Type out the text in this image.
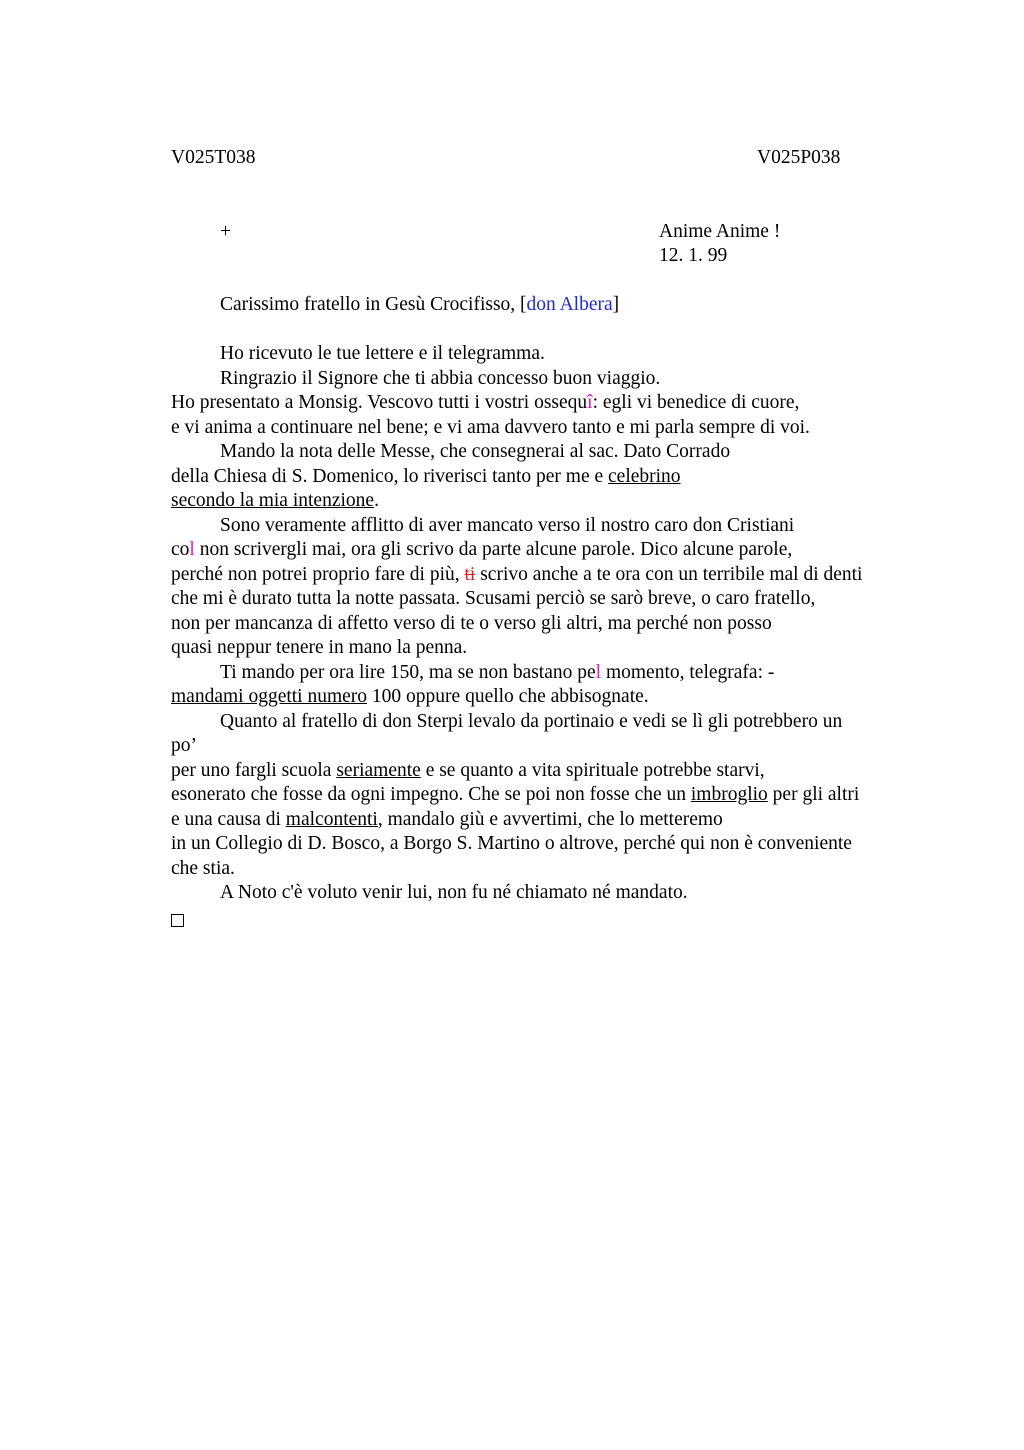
V025T038	V025P038
+	Anime Anime !
12. 1. 99
Carissimo fratello in Gesù Crocifisso, [don Albera]
Ho ricevuto le tue lettere e il telegramma.
Ringrazio il Signore che ti abbia concesso buon viaggio.
Ho presentato a Monsig. Vescovo tutti i vostri ossequî: egli vi benedice di cuore,
e vi anima a continuare nel bene; e vi ama davvero tanto e mi parla sempre di voi.
Mando la nota delle Messe, che consegnerai al sac. Dato Corrado
della Chiesa di S. Domenico, lo riverisci tanto per me e celebrino
secondo la mia intenzione.
Sono veramente afflitto di aver mancato verso il nostro caro don Cristiani
col non scrivergli mai, ora gli scrivo da parte alcune parole. Dico alcune parole,
perché non potrei proprio fare di più, ti scrivo anche a te ora con un terribile mal di denti
che mi è durato tutta la notte passata. Scusami perciò se sarò breve, o caro fratello,
non per mancanza di affetto verso di te o verso gli altri, ma perché non posso
quasi neppur tenere in mano la penna.
Ti mando per ora lire 150, ma se non bastano pel momento, telegrafa: -
mandami oggetti numero 100 oppure quello che abbisognate.
Quanto al fratello di don Sterpi levalo da portinaio e vedi se lì gli potrebbero un
po’
per uno fargli scuola seriamente e se quanto a vita spirituale potrebbe starvi,
esonerato che fosse da ogni impegno. Che se poi non fosse che un imbroglio per gli altri
e una causa di malcontenti, mandalo giù e avvertimi, che lo metteremo
in un Collegio di D. Bosco, a Borgo S. Martino o altrove, perché qui non è conveniente
che stia.
A Noto c'è voluto venir lui, non fu né chiamato né mandato.
